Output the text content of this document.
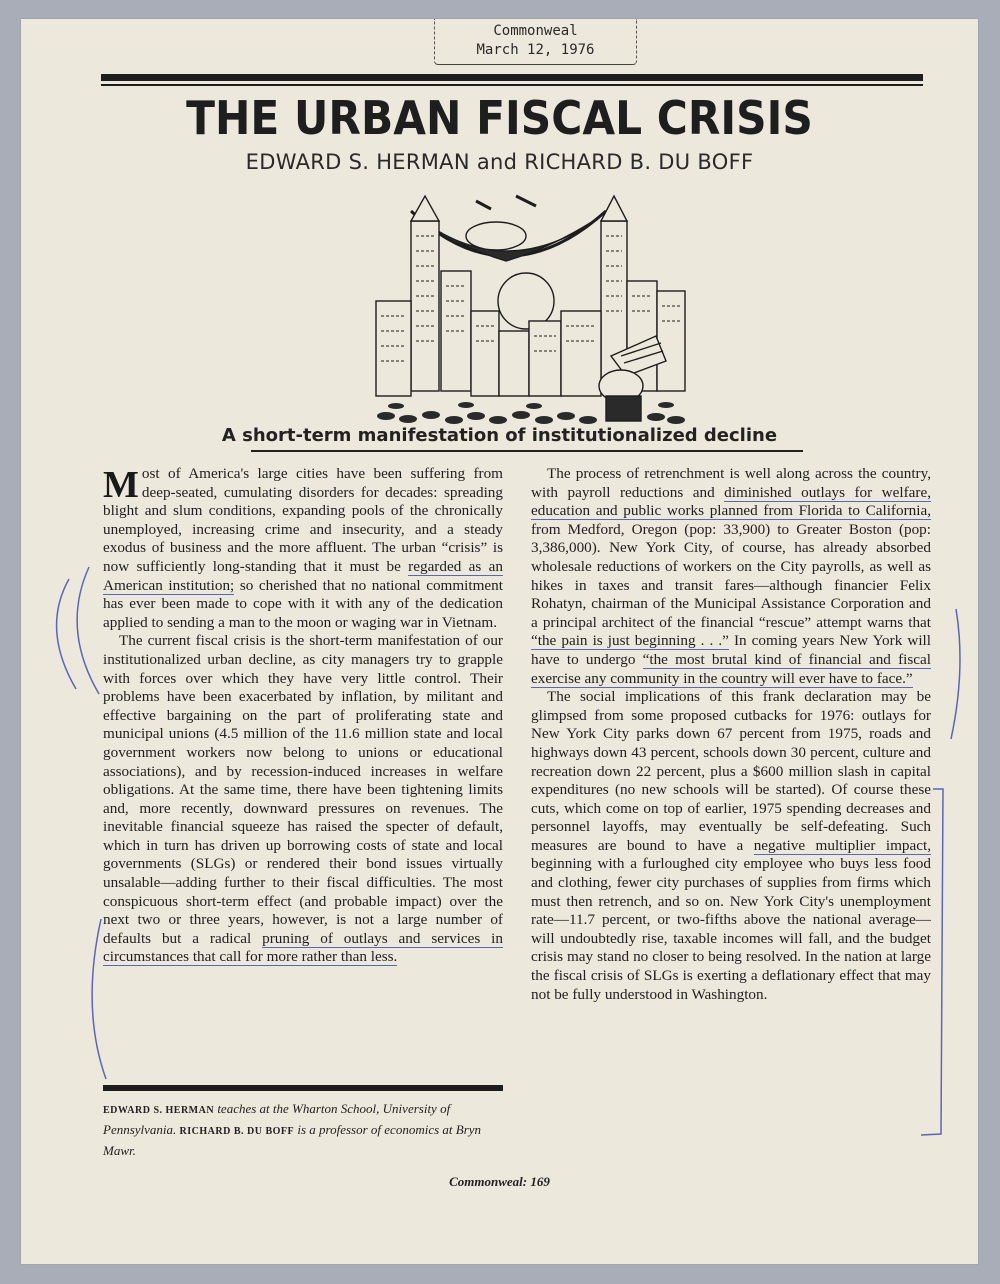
Commonweal
March 12, 1976
THE URBAN FISCAL CRISIS
EDWARD S. HERMAN and RICHARD B. DU BOFF
A short-term manifestation of institutionalized decline

Most of America's large cities have been suffering from deep-seated, cumulating disorders for decades: spreading blight and slum conditions, expanding pools of the chronically unemployed, increasing crime and insecurity, and a steady exodus of business and the more affluent. The urban “crisis” is now sufficiently long-standing that it must be regarded as an American institution; so cherished that no national commitment has ever been made to cope with it with any of the dedication applied to sending a man to the moon or waging war in Vietnam.

The current fiscal crisis is the short-term manifestation of our institutionalized urban decline, as city managers try to grapple with forces over which they have very little control. Their problems have been exacerbated by inflation, by militant and effective bargaining on the part of proliferating state and municipal unions (4.5 million of the 11.6 million state and local government workers now belong to unions or educational associations), and by recession-induced increases in welfare obligations. At the same time, there have been tightening limits and, more recently, downward pressures on revenues. The inevitable financial squeeze has raised the specter of default, which in turn has driven up borrowing costs of state and local governments (SLGs) or rendered their bond issues virtually unsalable—adding further to their fiscal difficulties. The most conspicuous short-term effect (and probable impact) over the next two or three years, however, is not a large number of defaults but a radical pruning of outlays and services in circumstances that call for more rather than less.

EDWARD S. HERMAN teaches at the Wharton School, University of Pennsylvania. RICHARD B. DU BOFF is a professor of economics at Bryn Mawr.

The process of retrenchment is well along across the country, with payroll reductions and diminished outlays for welfare, education and public works planned from Florida to California, from Medford, Oregon (pop: 33,900) to Greater Boston (pop: 3,386,000). New York City, of course, has already absorbed wholesale reductions of workers on the City payrolls, as well as hikes in taxes and transit fares—although financier Felix Rohatyn, chairman of the Municipal Assistance Corporation and a principal architect of the financial “rescue” attempt warns that “the pain is just beginning . . .” In coming years New York will have to undergo “the most brutal kind of financial and fiscal exercise any community in the country will ever have to face.”

The social implications of this frank declaration may be glimpsed from some proposed cutbacks for 1976: outlays for New York City parks down 67 percent from 1975, roads and highways down 43 percent, schools down 30 percent, culture and recreation down 22 percent, plus a $600 million slash in capital expenditures (no new schools will be started). Of course these cuts, which come on top of earlier, 1975 spending decreases and personnel layoffs, may eventually be self-defeating. Such measures are bound to have a negative multiplier impact, beginning with a furloughed city employee who buys less food and clothing, fewer city purchases of supplies from firms which must then retrench, and so on. New York City's unemployment rate—11.7 percent, or two-fifths above the national average—will undoubtedly rise, taxable incomes will fall, and the budget crisis may stand no closer to being resolved. In the nation at large the fiscal crisis of SLGs is exerting a deflationary effect that may not be fully understood in Washington.

Commonweal: 169
